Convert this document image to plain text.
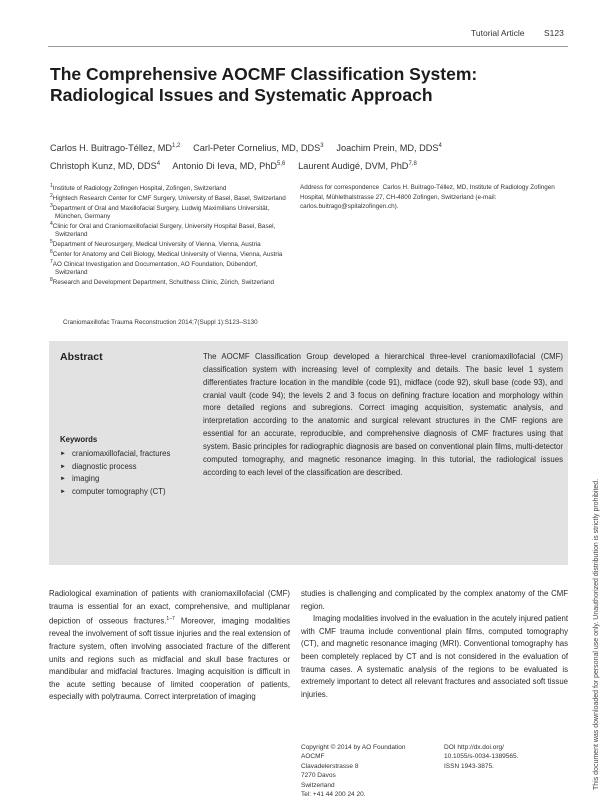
Tutorial Article S123
The Comprehensive AOCMF Classification System: Radiological Issues and Systematic Approach
Carlos H. Buitrago-Téllez, MD$^{1,2}$ Carl-Peter Cornelius, MD, DDS$^3$ Joachim Prein, MD, DDS$^4$
Christoph Kunz, MD, DDS$^4$ Antonio Di Ieva, MD, PhD$^{5,6}$ Laurent Audigé, DVM, PhD$^{7,8}$
$^1$Institute of Radiology Zofingen Hospital, Zofingen, Switzerland
$^2$Hightech Research Center for CMF Surgery, University of Basel, Basel, Switzerland
$^3$Department of Oral and Maxillofacial Surgery, Ludwig Maximilians Universität, München, Germany
$^4$Clinic for Oral and Craniomaxillofacial Surgery, University Hospital Basel, Basel, Switzerland
$^5$Department of Neurosurgery, Medical University of Vienna, Vienna, Austria
$^6$Center for Anatomy and Cell Biology, Medical University of Vienna, Vienna, Austria
$^7$AO Clinical Investigation and Documentation, AO Foundation, Dübendorf, Switzerland
$^8$Research and Development Department, Schulthess Clinic, Zürich, Switzerland
Address for correspondence Carlos H. Buitrago-Téllez, MD, Institute of Radiology Zofingen Hospital, Mühlethalstrasse 27, CH-4800 Zofingen, Switzerland (e-mail: carlos.buitrago@spitalzofingen.ch).
Craniomaxillofac Trauma Reconstruction 2014;7(Suppl 1):S123–S130
Abstract	The AOCMF Classification Group developed a hierarchical three-level craniomaxillofacial (CMF) classification system with increasing level of complexity and details. The basic level 1 system differentiates fracture location in the mandible (code 91), midface (code 92), skull base (code 93), and cranial vault (code 94); the levels 2 and 3 focus on defining fracture location and morphology within more detailed regions and subregions. Correct imaging acquisition, systematic analysis, and interpretation according to the anatomic and surgical relevant structures in the CMF regions are essential for an accurate, reproducible, and comprehensive diagnosis of CMF fractures using that system. Basic principles for radiographic diagnosis are based on conventional plain films, multi-detector computed tomography, and magnetic resonance imaging. In this tutorial, the radiological issues according to each level of the classification are described.
Keywords
► craniomaxillofacial, fractures
► diagnostic process
► imaging
► computer tomography (CT)
Radiological examination of patients with craniomaxillofacial (CMF) trauma is essential for an exact, comprehensive, and multiplanar depiction of osseous fractures.$^{1-7}$ Moreover, imaging modalities reveal the involvement of soft tissue injuries and the real extension of fracture system, often involving associated fracture of the different units and regions such as midfacial and skull base fractures or mandibular and midfacial fractures. Imaging acquisition is difficult in the acute setting because of limited cooperation of patients, especially with polytrauma. Correct interpretation of imaging

studies is challenging and complicated by the complex anatomy of the CMF region.

Imaging modalities involved in the evaluation in the acutely injured patient with CMF trauma include conventional plain films, computed tomography (CT), and magnetic resonance imaging (MRI). Conventional tomography has been completely replaced by CT and is not considered in the evaluation of trauma cases. A systematic analysis of the regions to be evaluated is extremely important to detect all relevant fractures and associated soft tissue injuries.

Copyright © 2014 by AO Foundation
AOCMF
Clavadelerstrasse 8
7270 Davos
Switzerland
Tel: +41 44 200 24 20.
DOI http://dx.doi.org/
10.1055/s-0034-1389565.
ISSN 1943-3875.	This document was downloaded for personal use only. Unauthorized distribution is strictly prohibited.
